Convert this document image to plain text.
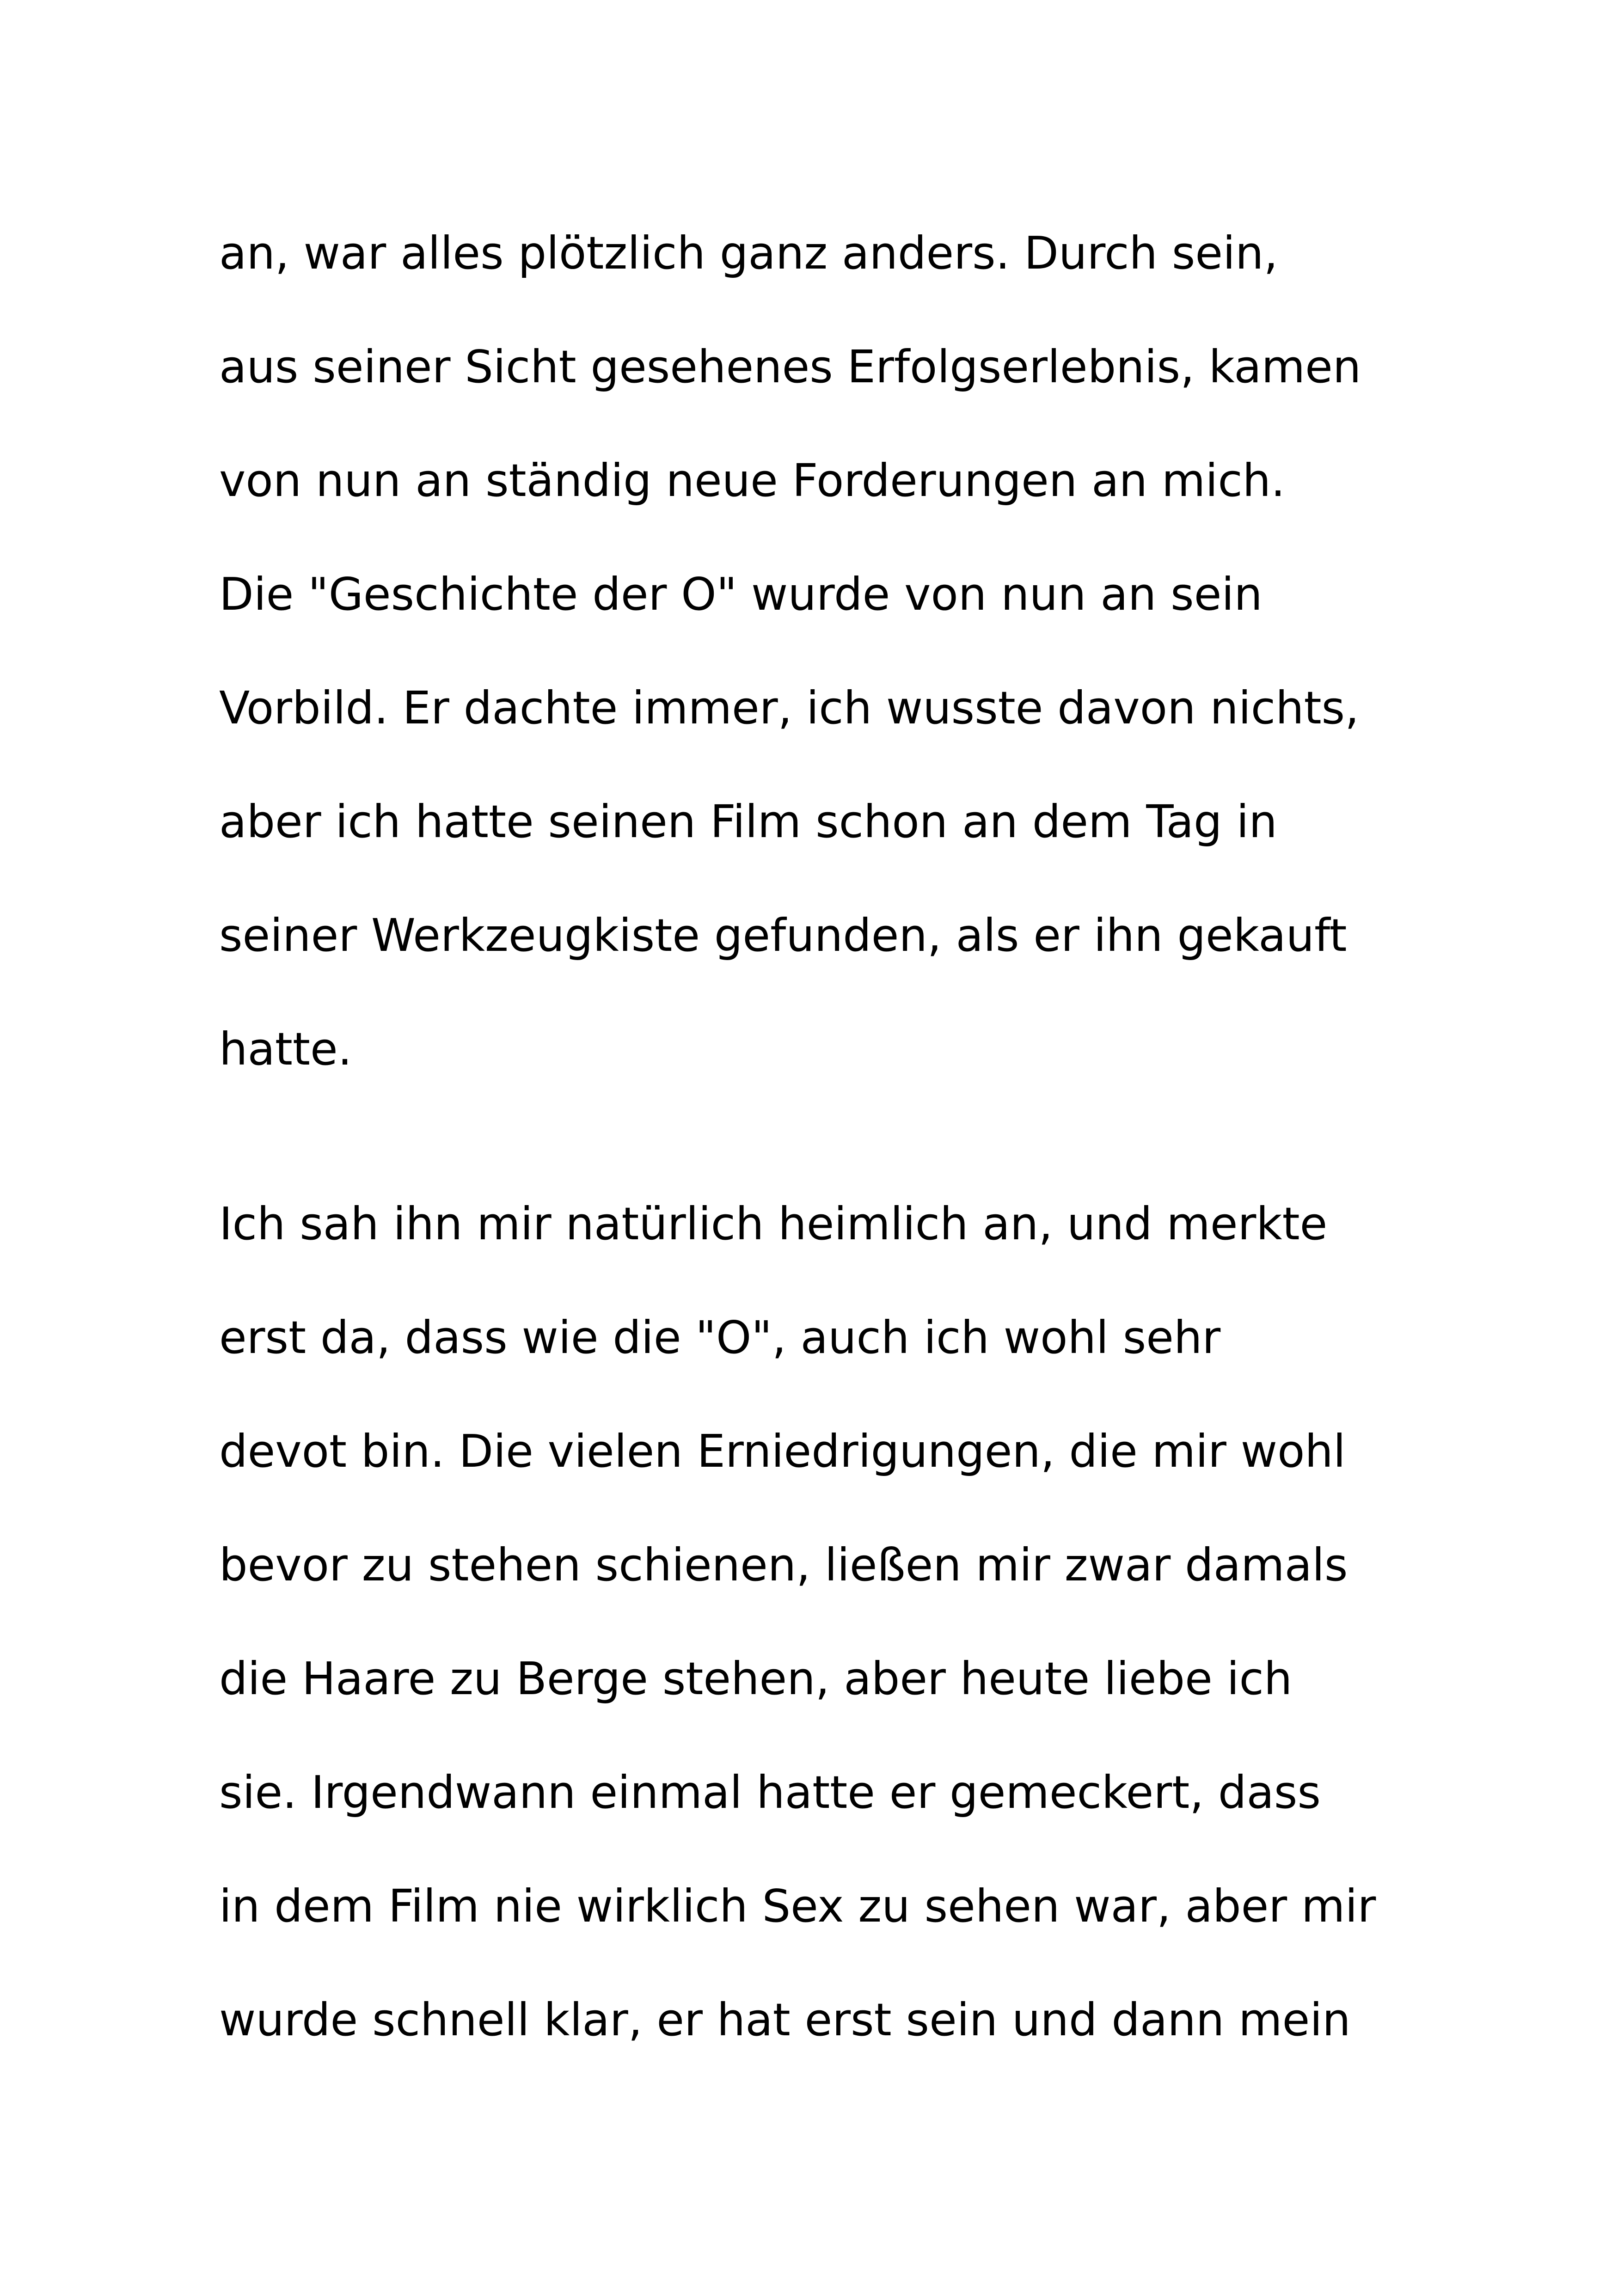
an, war alles plötzlich ganz anders. Durch sein,
aus seiner Sicht gesehenes Erfolgserlebnis, kamen
von nun an ständig neue Forderungen an mich.
Die "Geschichte der O" wurde von nun an sein
Vorbild. Er dachte immer, ich wusste davon nichts,
aber ich hatte seinen Film schon an dem Tag in
seiner Werkzeugkiste gefunden, als er ihn gekauft
hatte.
Ich sah ihn mir natürlich heimlich an, und merkte
erst da, dass wie die "O", auch ich wohl sehr
devot bin. Die vielen Erniedrigungen, die mir wohl
bevor zu stehen schienen, ließen mir zwar damals
die Haare zu Berge stehen, aber heute liebe ich
sie. Irgendwann einmal hatte er gemeckert, dass
in dem Film nie wirklich Sex zu sehen war, aber mir
wurde schnell klar, er hat erst sein und dann mein
